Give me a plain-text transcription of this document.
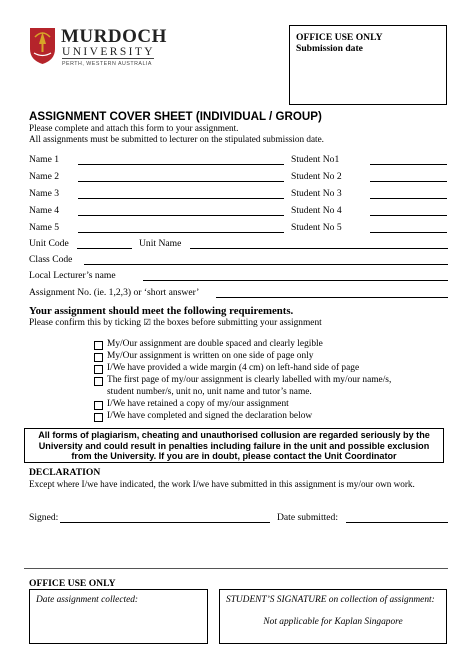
MURDOCH
UNIVERSITY
PERTH, WESTERN AUSTRALIA
OFFICE USE ONLY
Submission date
ASSIGNMENT COVER SHEET (INDIVIDUAL / GROUP)
Please complete and attach this form to your assignment.
All assignments must be submitted to lecturer on the stipulated submission date.
Name 1	Student No1
Name 2	Student No 2
Name 3	Student No 3
Name 4	Student No 4
Name 5	Student No 5
Unit Code	Unit Name
Class Code
Local Lecturer’s name
Assignment No. (ie. 1,2,3) or ‘short answer’
Your assignment should meet the following requirements.
Please confirm this by ticking ☑ the boxes before submitting your assignment
My/Our assignment are double spaced and clearly legible
My/Our assignment is written on one side of page only
I/We have provided a wide margin (4 cm) on left-hand side of page
The first page of my/our assignment is clearly labelled with my/our name/s,
student number/s, unit no, unit name and tutor’s name.
I/We have retained a copy of my/our assignment
I/We have completed and signed the declaration below
All forms of plagiarism, cheating and unauthorised collusion are regarded seriously by the
University and could result in penalties including failure in the unit and possible exclusion
from the University. If you are in doubt, please contact the Unit Coordinator
DECLARATION
Except where I/we have indicated, the work I/we have submitted in this assignment is my/our own work.
Signed:	Date submitted:
OFFICE USE ONLY
Date assignment collected:	STUDENT’S SIGNATURE on collection of assignment:
Not applicable for Kaplan Singapore
